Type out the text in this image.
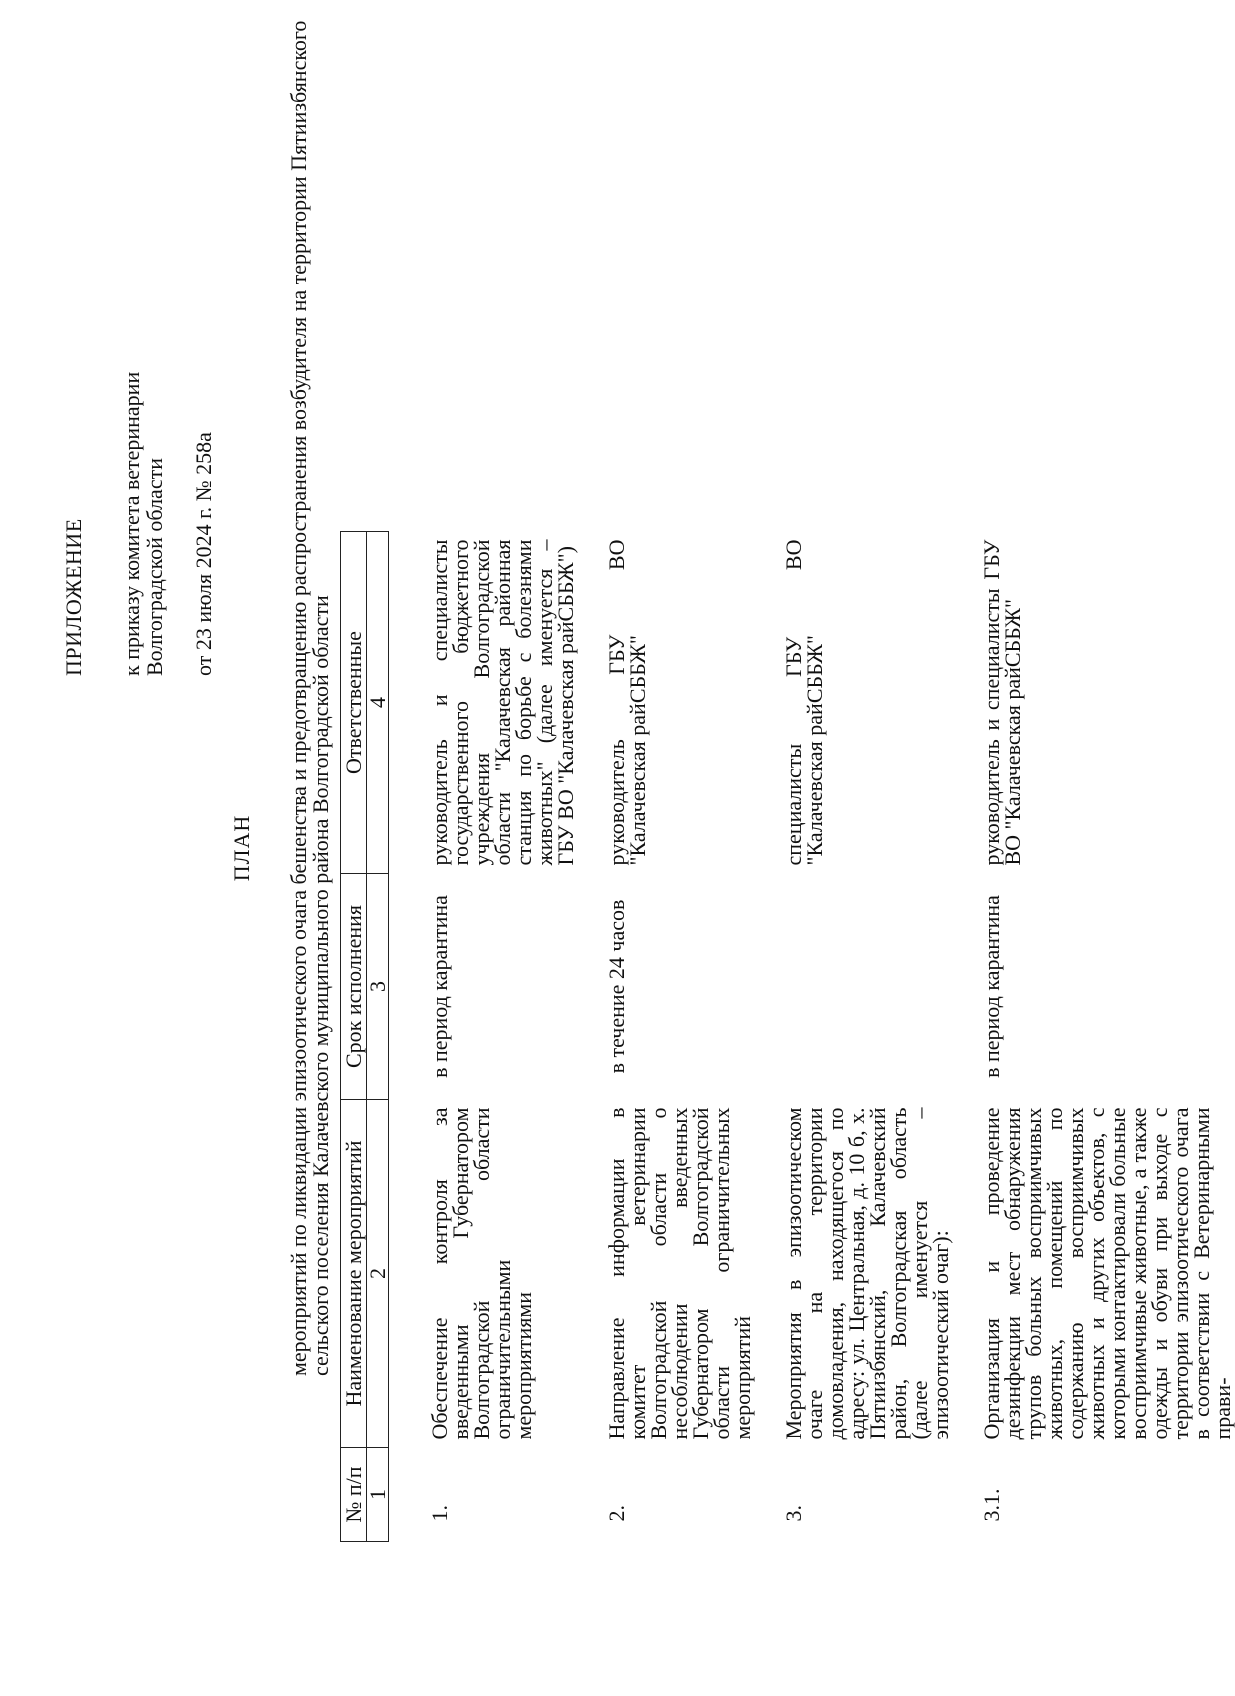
ПРИЛОЖЕНИЕ к приказу комитета ветеринарии Волгоградской области от 23 июля 2024 г. № 258а
ПЛАН мероприятий по ликвидации эпизоотического очага бешенства и предотвращению распространения возбудителя на территории Пятиизбянского сельского поселения Калачевского муниципального района Волгоградской области
№ п/п	Наименование мероприятий	Срок исполнения	Ответственные
1	2	3	4
1.	Обеспечение контроля за введенными Губернатором Волгоградской области ограничительными мероприятиями	в период карантина	руководитель и специалисты государственного бюджетного учреждения Волгоградской области "Калачевская районная станция по борьбе с болезнями животных" (далее именуется – ГБУ ВО "Калачевская райСББЖ")
2.	Направление информации в комитет ветеринарии Волгоградской области о несоблюдении введенных Губернатором Волгоградской области ограничительных мероприятий	в течение 24 часов	руководитель ГБУ ВО "Калачевская райСББЖ"
3.	Мероприятия в эпизоотическом очаге на территории домовладения, находящегося по адресу: ул. Центральная, д. 10 б, х. Пятиизбянский, Калачевский район, Волгоградская область (далее именуется – эпизоотический очаг):		специалисты ГБУ ВО "Калачевская райСББЖ"
3.1.	Организация и проведение дезинфекции мест обнаружения трупов больных восприимчивых животных, помещений по содержанию восприимчивых животных и других объектов, с которыми контактировали больные восприимчивые животные, а также одежды и обуви при выходе с территории эпизоотического очага в соответствии с Ветеринарными прави-	в период карантина	руководитель и специалисты ГБУ ВО "Калачевская райСББЖ"
